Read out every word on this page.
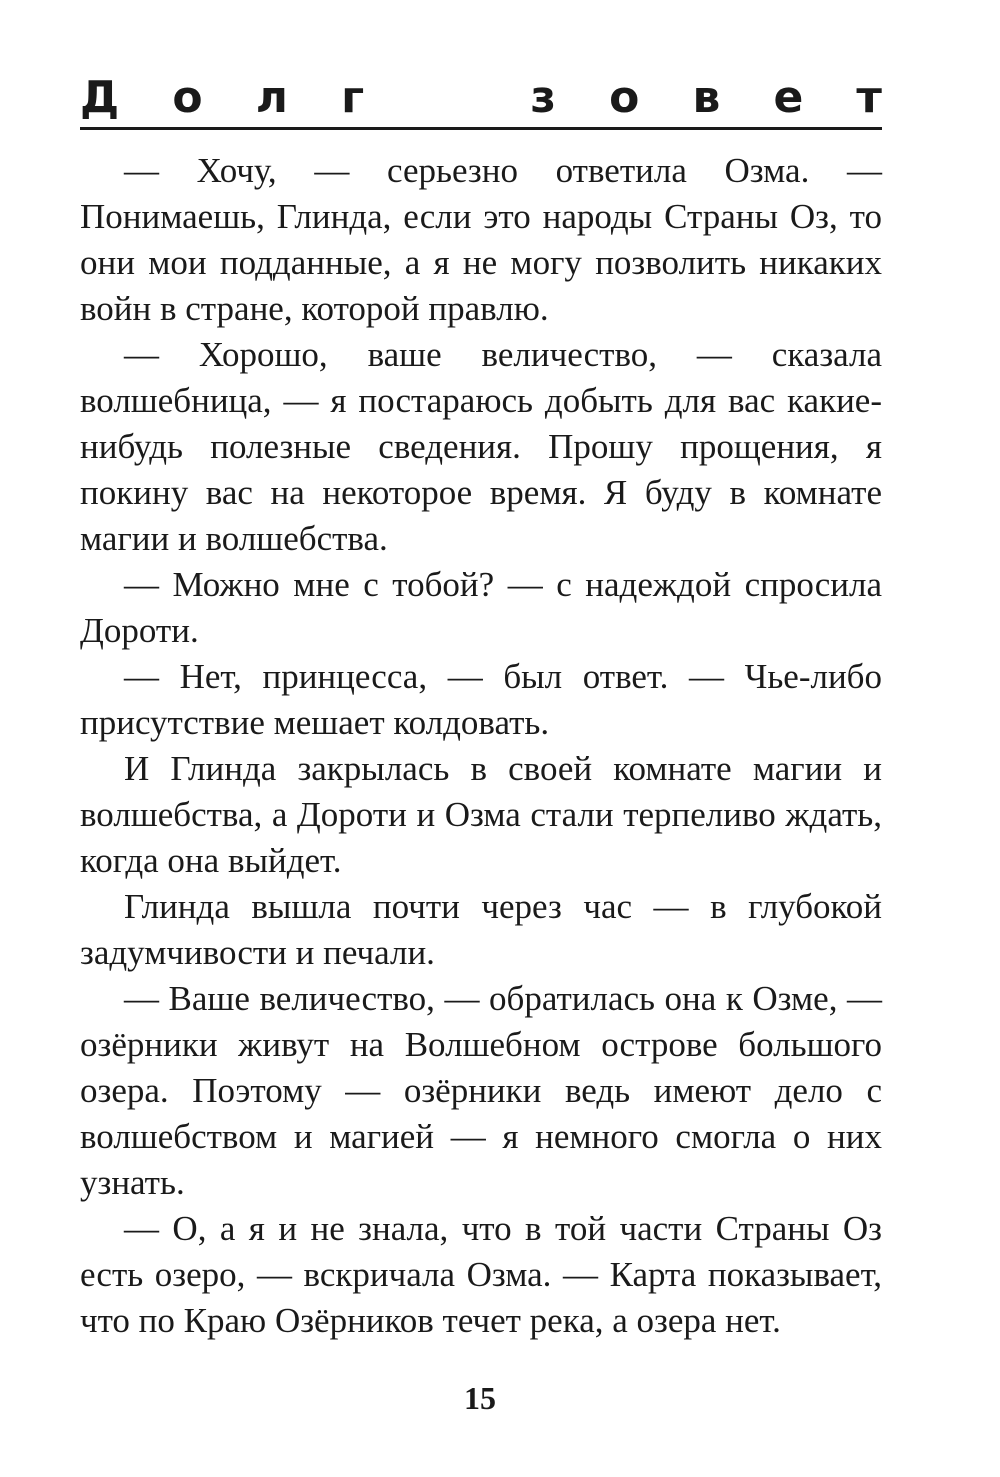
Д о л г	з о в е т

— Хочу, — серьезно ответила Озма. — Понимаешь, Глинда, если это народы Страны Оз, то они мои подданные, а я не могу позволить никаких войн в стране, которой правлю.

— Хорошо, ваше величество, — сказала волшебница, — я постараюсь добыть для вас какие-нибудь полезные сведения. Прошу прощения, я покину вас на некоторое время. Я буду в комнате магии и волшебства.

— Можно мне с тобой? — с надеждой спросила Дороти.

— Нет, принцесса, — был ответ. — Чье-либо присутствие мешает колдовать.

И Глинда закрылась в своей комнате магии и волшебства, а Дороти и Озма стали терпеливо ждать, когда она выйдет.

Глинда вышла почти через час — в глубокой задумчивости и печали.

— Ваше величество, — обратилась она к Озме, — озёрники живут на Волшебном острове большого озера. Поэтому — озёрники ведь имеют дело с волшебством и магией — я немного смогла о них узнать.

— О, а я и не знала, что в той части Страны Оз есть озеро, — вскричала Озма. — Карта показывает, что по Краю Озёрников течет река, а озера нет.

15
